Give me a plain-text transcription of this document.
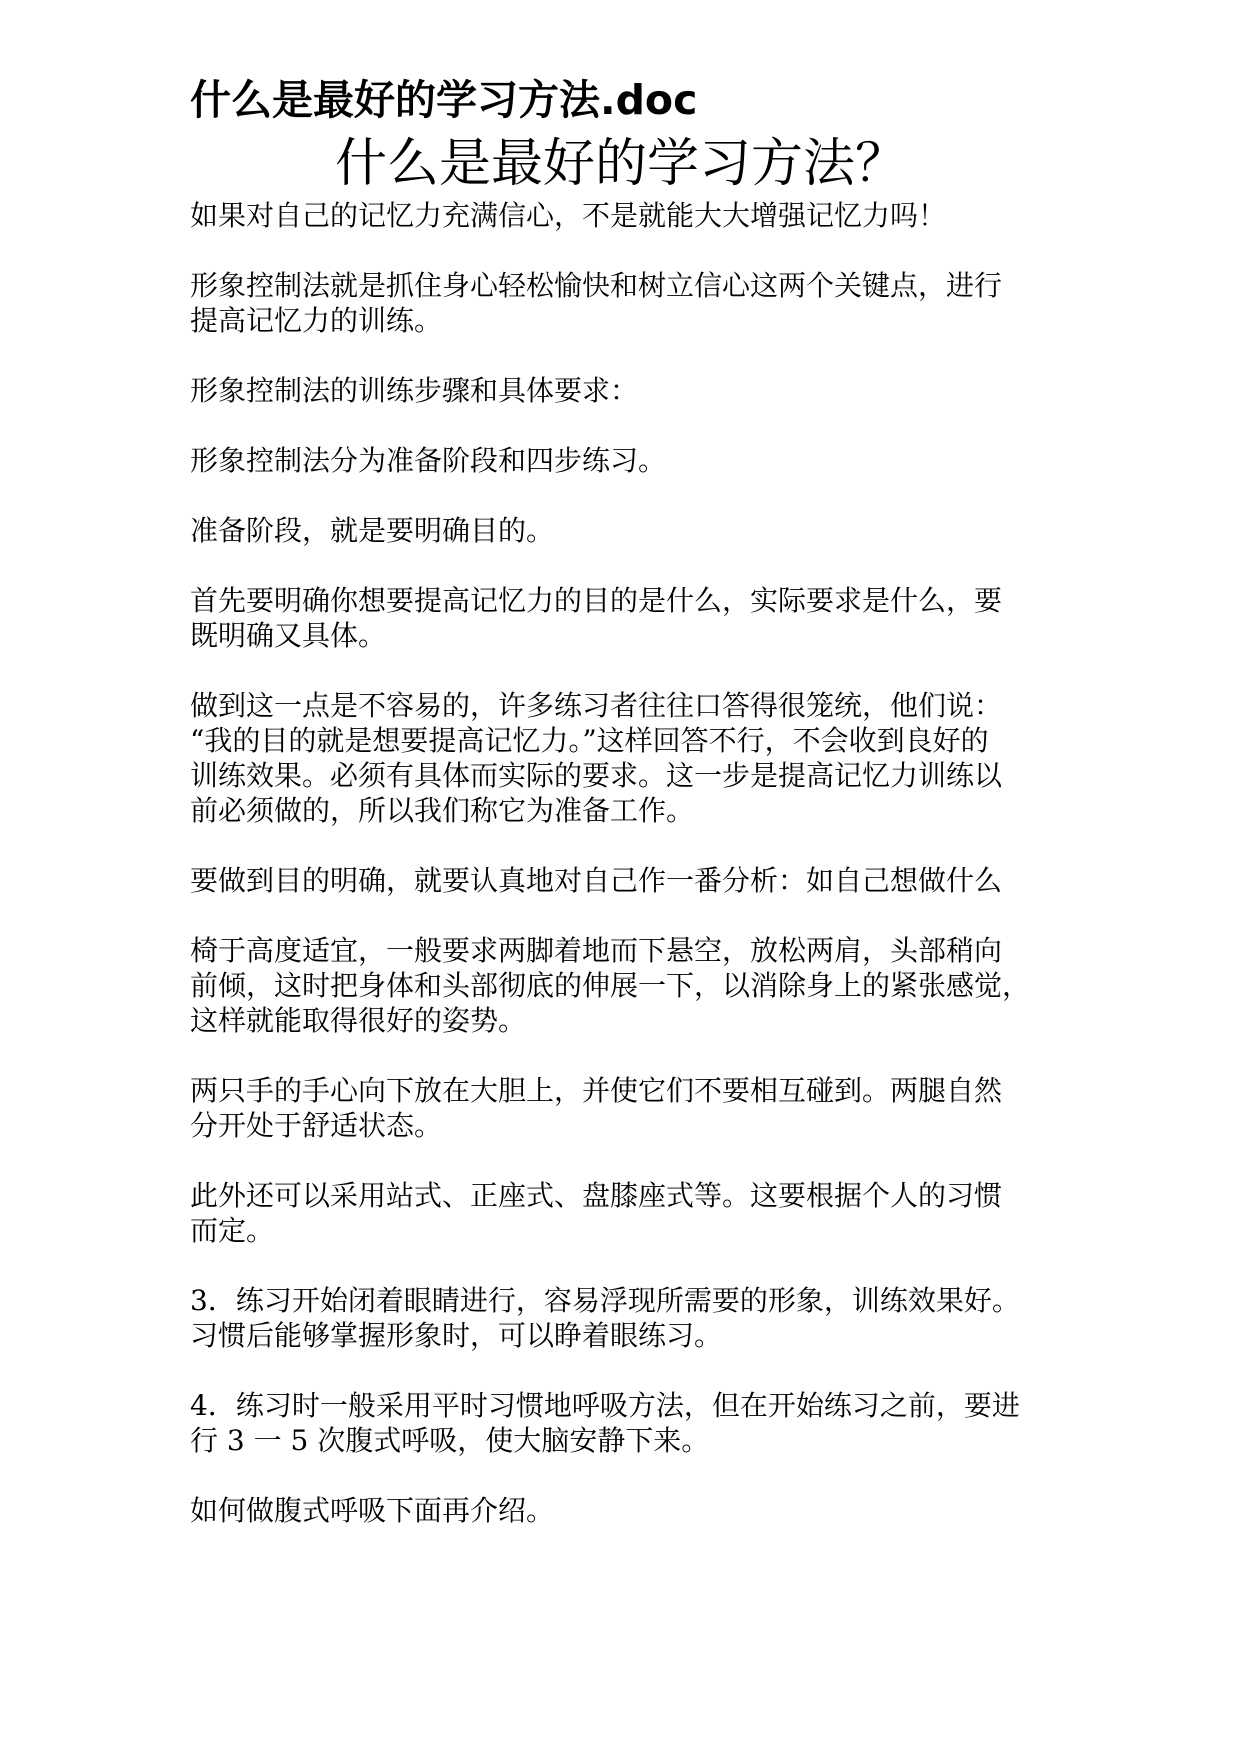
什么是最好的学习方法.doc
什么是最好的学习方法？

如果对自己的记忆力充满信心，不是就能大大增强记忆力吗！

形象控制法就是抓住身心轻松愉快和树立信心这两个关键点，进行
提高记忆力的训练。

形象控制法的训练步骤和具体要求：

形象控制法分为准备阶段和四步练习。

准备阶段，就是要明确目的。

首先要明确你想要提高记忆力的目的是什么，实际要求是什么，要
既明确又具体。

做到这一点是不容易的，许多练习者往往口答得很笼统，他们说：
“我的目的就是想要提高记忆力。”这样回答不行，不会收到良好的
训练效果。必须有具体而实际的要求。这一步是提高记忆力训练以
前必须做的，所以我们称它为准备工作。

要做到目的明确，就要认真地对自己作一番分析：如自己想做什么

椅于高度适宜，一般要求两脚着地而下悬空，放松两肩，头部稍向
前倾，这时把身体和头部彻底的伸展一下，以消除身上的紧张感觉，
这样就能取得很好的姿势。

两只手的手心向下放在大胆上，并使它们不要相互碰到。两腿自然
分开处于舒适状态。

此外还可以采用站式、正座式、盘膝座式等。这要根据个人的习惯
而定。

3．练习开始闭着眼睛进行，容易浮现所需要的形象，训练效果好。
习惯后能够掌握形象时，可以睁着眼练习。

4．练习时一般采用平时习惯地呼吸方法，但在开始练习之前，要进
行 3 一 5 次腹式呼吸，使大脑安静下来。

如何做腹式呼吸下面再介绍。
